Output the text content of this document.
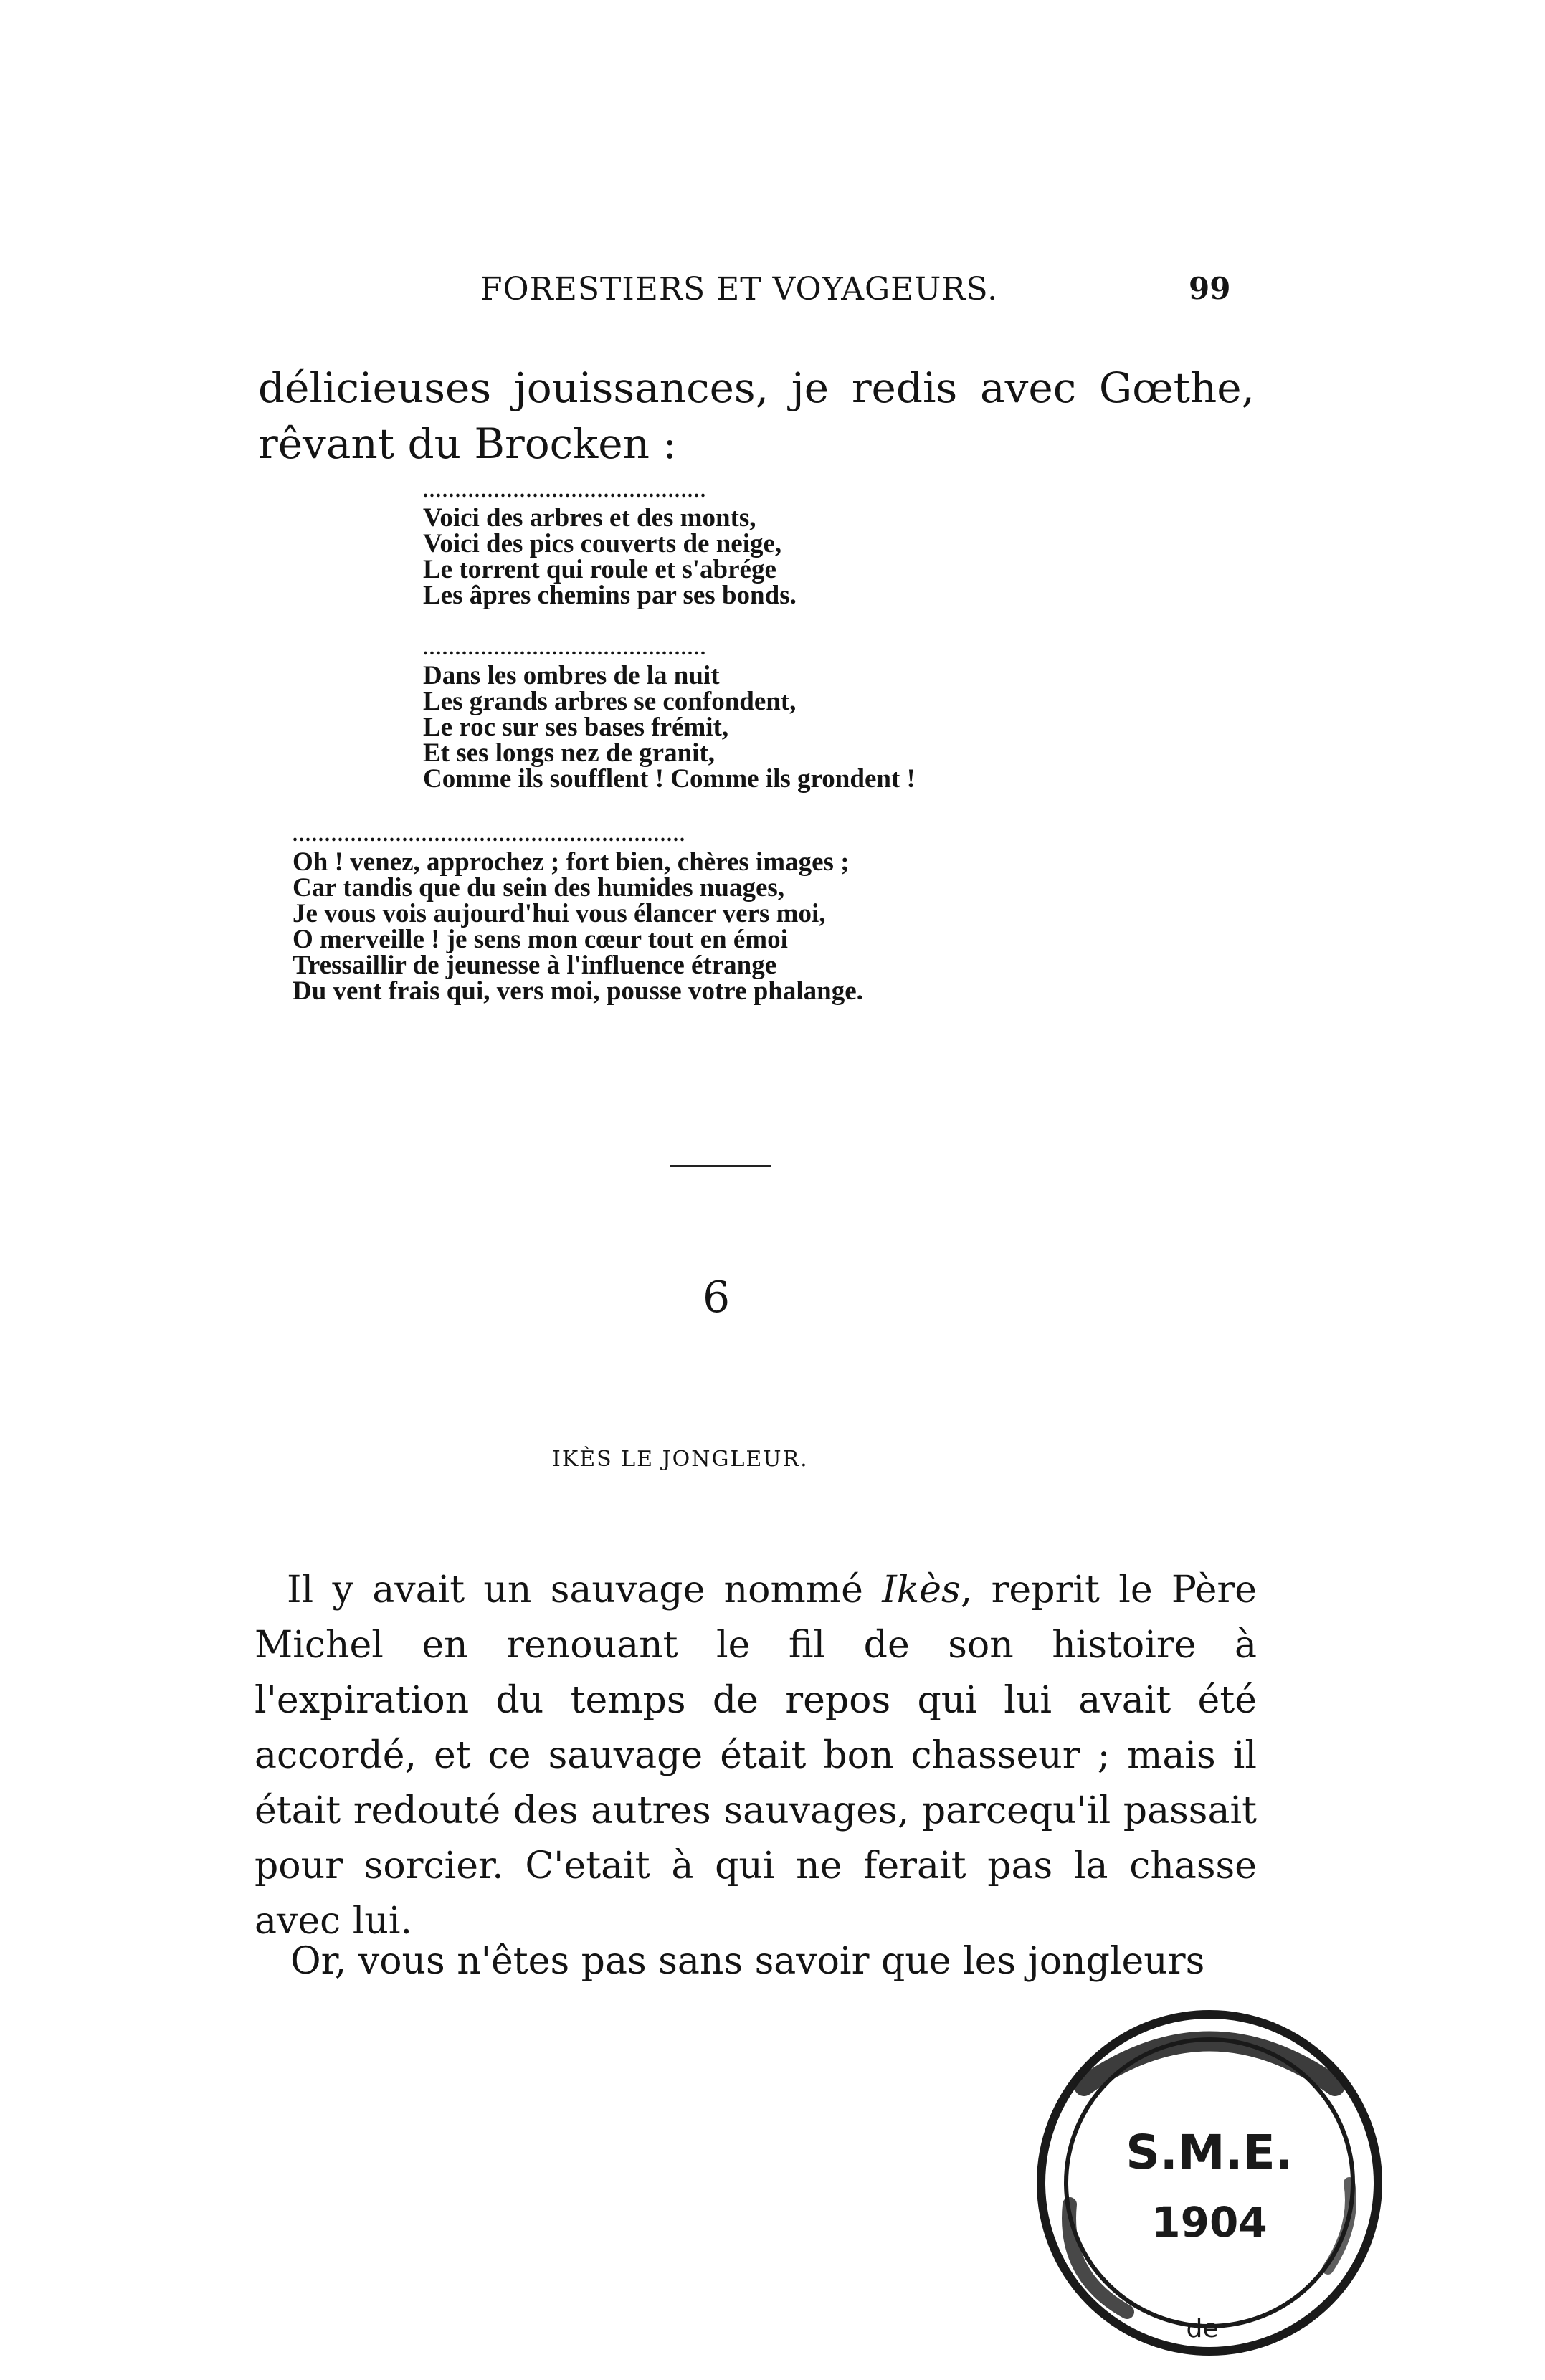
FORESTIERS ET VOYAGEURS.	99
délicieuses jouissances, je redis avec Gœthe, rêvant du Brocken :
............................................
Voici des arbres et des monts,
Voici des pics couverts de neige,
Le torrent qui roule et s'abrége
Les âpres chemins par ses bonds.
............................................
Dans les ombres de la nuit
Les grands arbres se confondent,
Le roc sur ses bases frémit,
Et ses longs nez de granit,
Comme ils soufflent ! Comme ils grondent !
.............................................................
Oh ! venez, approchez ; fort bien, chères images ;
Car tandis que du sein des humides nuages,
Je vous vois aujourd'hui vous élancer vers moi,
O merveille ! je sens mon cœur tout en émoi
Tressaillir de jeunesse à l'influence étrange
Du vent frais qui, vers moi, pousse votre phalange.
6
IKÈS LE JONGLEUR.

Il y avait un sauvage nommé Ikès, reprit le Père Michel en renouant le fil de son histoire à l'expiration du temps de repos qui lui avait été accordé, et ce sauvage était bon chasseur ; mais il était redouté des autres sauvages, parcequ'il passait pour sorcier. C'etait à qui ne ferait pas la chasse avec lui.

Or, vous n'êtes pas sans savoir que les jongleurs
S.M.E.
1904
de
